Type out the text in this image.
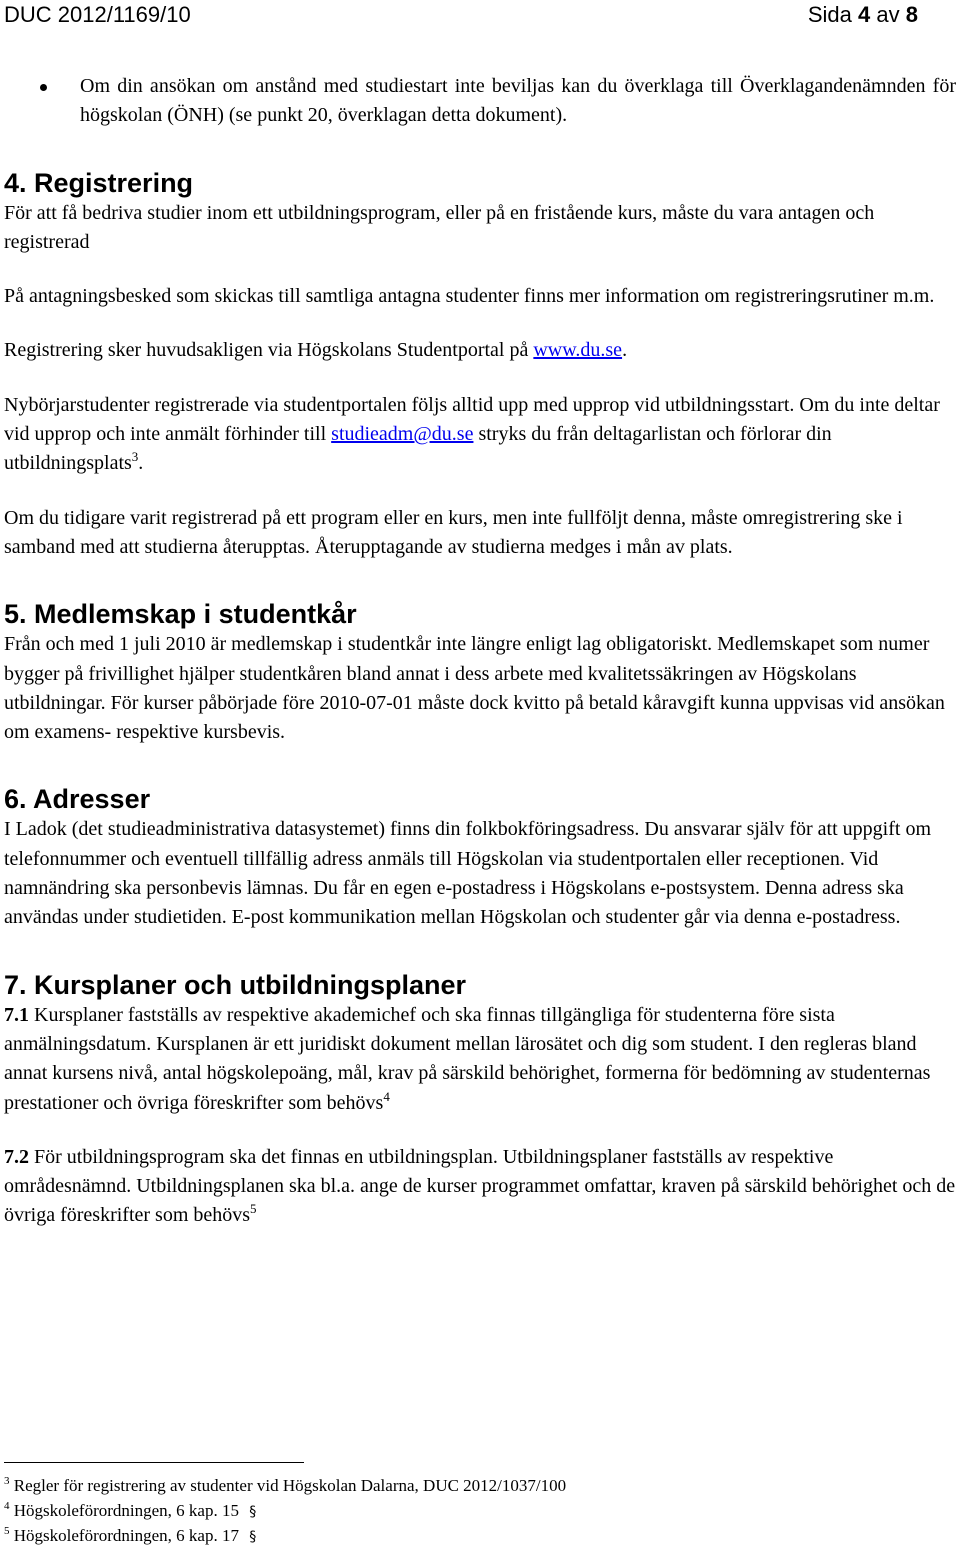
DUC 2012/1169/10	Sida 4 av 8
Om din ansökan om anstånd med studiestart inte beviljas kan du överklaga till Överklagandenämnden för högskolan (ÖNH) (se punkt 20, överklagan detta dokument).
4. Registrering

För att få bedriva studier inom ett utbildningsprogram, eller på en fristående kurs, måste du vara antagen och registrerad

På antagningsbesked som skickas till samtliga antagna studenter finns mer information om registreringsrutiner m.m.

Registrering sker huvudsakligen via Högskolans Studentportal på www.du.se.

Nybörjarstudenter registrerade via studentportalen följs alltid upp med upprop vid utbildningsstart. Om du inte deltar vid upprop och inte anmält förhinder till studieadm@du.se stryks du från deltagarlistan och förlorar din utbildningsplats$^3$.

Om du tidigare varit registrerad på ett program eller en kurs, men inte fullföljt denna, måste omregistrering ske i samband med att studierna återupptas. Återupptagande av studierna medges i mån av plats.

5. Medlemskap i studentkår

Från och med 1 juli 2010 är medlemskap i studentkår inte längre enligt lag obligatoriskt. Medlemskapet som numer bygger på frivillighet hjälper studentkåren bland annat i dess arbete med kvalitetssäkringen av Högskolans utbildningar. För kurser påbörjade före 2010-07-01 måste dock kvitto på betald kåravgift kunna uppvisas vid ansökan om examens- respektive kursbevis.

6. Adresser

I Ladok (det studieadministrativa datasystemet) finns din folkbokföringsadress. Du ansvarar själv för att uppgift om telefonnummer och eventuell tillfällig adress anmäls till Högskolan via studentportalen eller receptionen. Vid namnändring ska personbevis lämnas. Du får en egen e-postadress i Högskolans e-postsystem. Denna adress ska användas under studietiden. E-post kommunikation mellan Högskolan och studenter går via denna e-postadress.

7. Kursplaner och utbildningsplaner

7.1 Kursplaner fastställs av respektive akademichef och ska finnas tillgängliga för studenterna före sista anmälningsdatum. Kursplanen är ett juridiskt dokument mellan lärosätet och dig som student. I den regleras bland annat kursens nivå, antal högskolepoäng, mål, krav på särskild behörighet, formerna för bedömning av studenternas prestationer och övriga föreskrifter som behövs$^4$

7.2 För utbildningsprogram ska det finnas en utbildningsplan. Utbildningsplaner fastställs av respektive områdesnämnd. Utbildningsplanen ska bl.a. ange de kurser programmet omfattar, kraven på särskild behörighet och de övriga föreskrifter som behövs$^5$

$^3$ Regler för registrering av studenter vid Högskolan Dalarna, DUC 2012/1037/100
$^4$ Högskoleförordningen, 6 kap. 15 §
$^5$ Högskoleförordningen, 6 kap. 17 §
